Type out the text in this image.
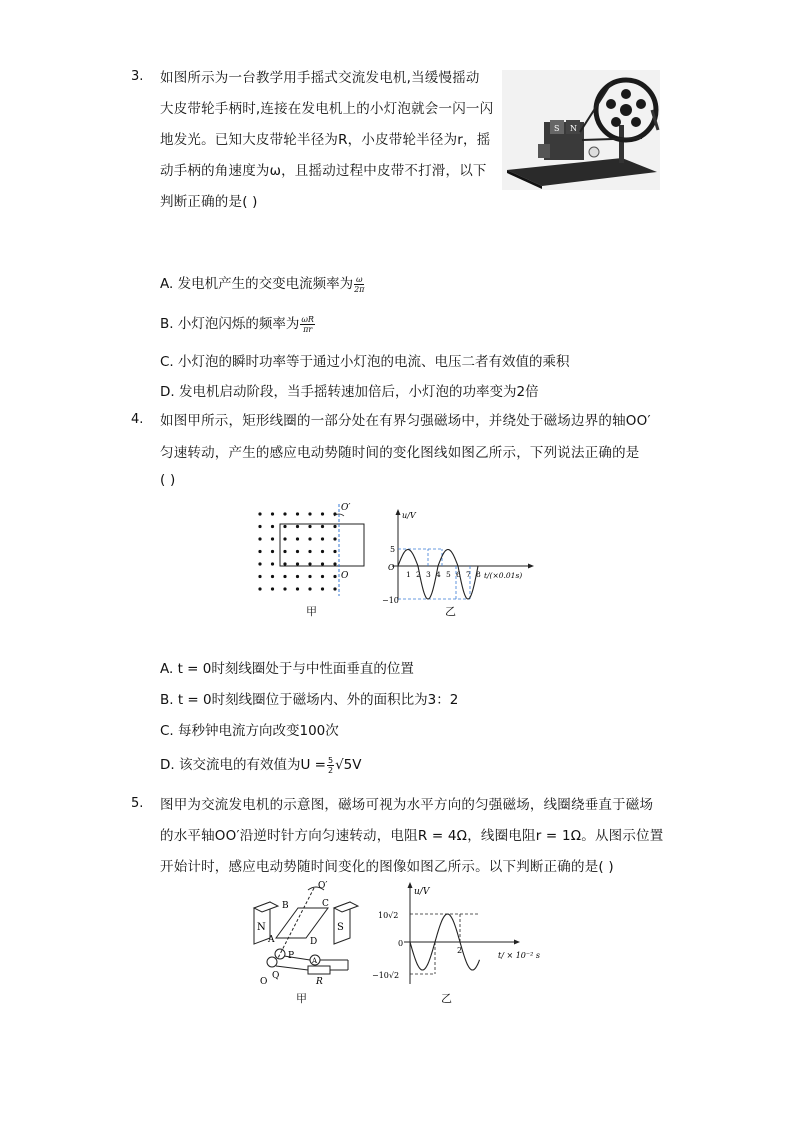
3. 如图所示为一台教学用手摇式交流发电机,当缓慢摇动
大皮带轮手柄时,连接在发电机上的小灯泡就会一闪一闪
地发光。已知大皮带轮半径为R，小皮带轮半径为r，摇
动手柄的角速度为ω，且摇动过程中皮带不打滑，以下
判断正确的是( )
S N
A. 发电机产生的交变电流频率为 $\frac{\omega}{2\pi}$
B. 小灯泡闪烁的频率为 $\frac{\omega R}{\pi r}$
C. 小灯泡的瞬时功率等于通过小灯泡的电流、电压二者有效值的乘积
D. 发电机启动阶段，当手摇转速加倍后，小灯泡的功率变为2倍
4. 如图甲所示，矩形线圈的一部分处在有界匀强磁场中，并绕处于磁场边界的轴OO′
匀速转动，产生的感应电动势随时间的变化图线如图乙所示，下列说法正确的是
( )
O′
O
甲
u/V
t/(×0.01s)
O
5
−10
1 2 3 4 5 6 7 8
乙
A. t = 0时刻线圈处于与中性面垂直的位置
B. t = 0时刻线圈位于磁场内、外的面积比为3：2
C. 每秒钟电流方向改变100次
D. 该交流电的有效值为$U = \frac{5}{2} √5V$
5. 图甲为交流发电机的示意图，磁场可视为水平方向的匀强磁场，线圈绕垂直于磁场
的水平轴OO′沿逆时针方向匀速转动，电阻R = 4Ω，线圈电阻r = 1Ω。从图示位置
开始计时，感应电动势随时间变化的图像如图乙所示。以下判断正确的是( )
N	S
O′
B	C
A	D
P
Q
O
A
R
甲
u/V
t/ × 10⁻² s
10√2
0
−10√2
2
乙
